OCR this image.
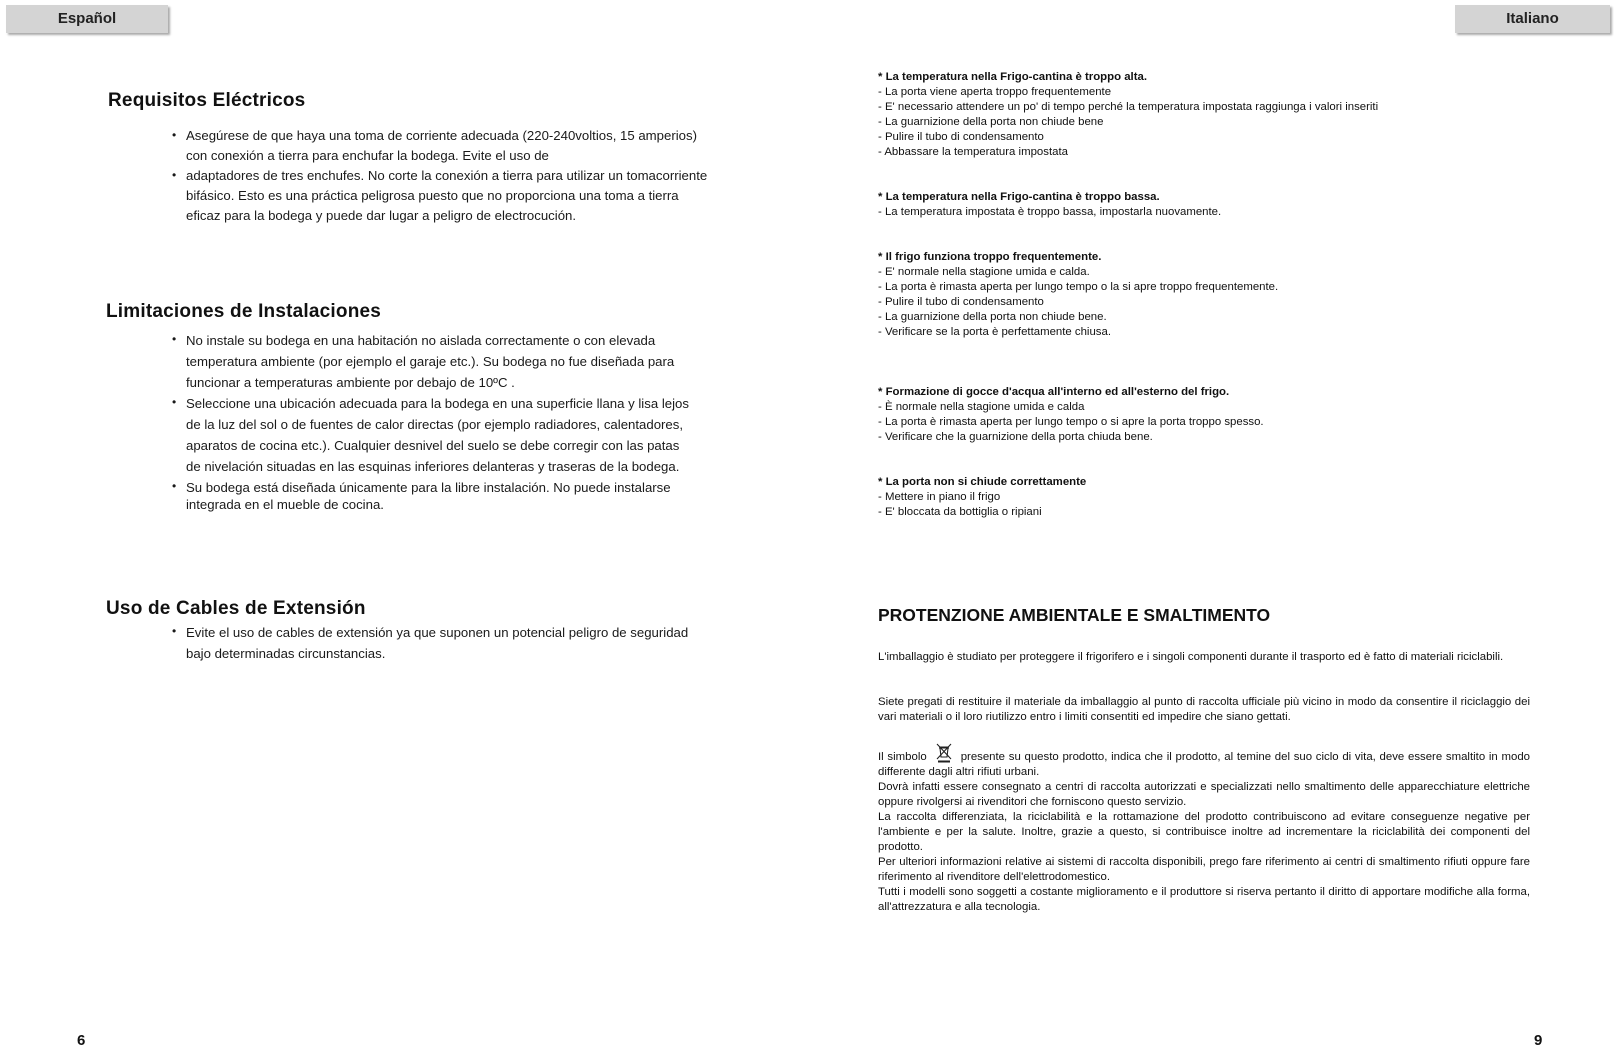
Español	Italiano
Requisitos Eléctricos
• Asegúrese de que haya una toma de corriente adecuada (220-240voltios, 15 amperios) con conexión a tierra para enchufar la bodega. Evite el uso de
• adaptadores de tres enchufes. No corte la conexión a tierra para utilizar un tomacorriente bifásico. Esto es una práctica peligrosa puesto que no proporciona una toma a tierra eficaz para la bodega y puede dar lugar a peligro de electrocución.
Limitaciones de Instalaciones
• No instale su bodega en una habitación no aislada correctamente o con elevada temperatura ambiente (por ejemplo el garaje etc.). Su bodega no fue diseñada para funcionar a temperaturas ambiente por debajo de 10ºC .
• Seleccione una ubicación adecuada para la bodega en una superficie llana y lisa lejos de la luz del sol o de fuentes de calor directas (por ejemplo radiadores, calentadores, aparatos de cocina etc.). Cualquier desnivel del suelo se debe corregir con las patas de nivelación situadas en las esquinas inferiores delanteras y traseras de la bodega.
• Su bodega está diseñada únicamente para la libre instalación. No puede instalarse integrada en el mueble de cocina.
Uso de Cables de Extensión
• Evite el uso de cables de extensión ya que suponen un potencial peligro de seguridad bajo determinadas circunstancias.
* La temperatura nella Frigo-cantina è troppo alta.
- La porta viene aperta troppo frequentemente
- E' necessario attendere un po' di tempo perché la temperatura impostata raggiunga i valori inseriti
- La guarnizione della porta non chiude bene
- Pulire il tubo di condensamento
- Abbassare la temperatura impostata
* La temperatura nella Frigo-cantina è troppo bassa.
- La temperatura impostata è troppo bassa, impostarla nuovamente.
* Il frigo funziona troppo frequentemente.
- E' normale nella stagione umida e calda.
- La porta è rimasta aperta per lungo tempo o la si apre troppo frequentemente.
- Pulire il tubo di condensamento
- La guarnizione della porta non chiude bene.
- Verificare se la porta è perfettamente chiusa.
* Formazione di gocce d'acqua all'interno ed all'esterno del frigo.
- È normale nella stagione umida e calda
- La porta è rimasta aperta per lungo tempo o si apre la porta troppo spesso.
- Verificare che la guarnizione della porta chiuda bene.
* La porta non si chiude correttamente
- Mettere in piano il frigo
- E' bloccata da bottiglia o ripiani
PROTENZIONE AMBIENTALE E SMALTIMENTO

L'imballaggio è studiato per proteggere il frigorifero e i singoli componenti durante il trasporto ed è fatto di materiali riciclabili.

Siete pregati di restituire il materiale da imballaggio al punto di raccolta ufficiale più vicino in modo da consentire il riciclaggio dei vari materiali o il loro riutilizzo entro i limiti consentiti ed impedire che siano gettati.

Il simbolo	presente su questo prodotto, indica che il prodotto, al temine del suo ciclo di vita, deve essere smaltito in modo differente dagli altri rifiuti urbani.
Dovrà infatti essere consegnato a centri di raccolta autorizzati e specializzati nello smaltimento delle apparecchiature elettriche oppure rivolgersi ai rivenditori che forniscono questo servizio.
La raccolta differenziata, la riciclabilità e la rottamazione del prodotto contribuiscono ad evitare conseguenze negative per l'ambiente e per la salute. Inoltre, grazie a questo, si contribuisce inoltre ad incrementare la riciclabilità dei componenti del prodotto.
Per ulteriori informazioni relative ai sistemi di raccolta disponibili, prego fare riferimento ai centri di smaltimento rifiuti oppure fare riferimento al rivenditore dell'elettrodomestico.
Tutti i modelli sono soggetti a costante miglioramento e il produttore si riserva pertanto il diritto di apportare modifiche alla forma, all'attrezzatura e alla tecnologia.
6	9
